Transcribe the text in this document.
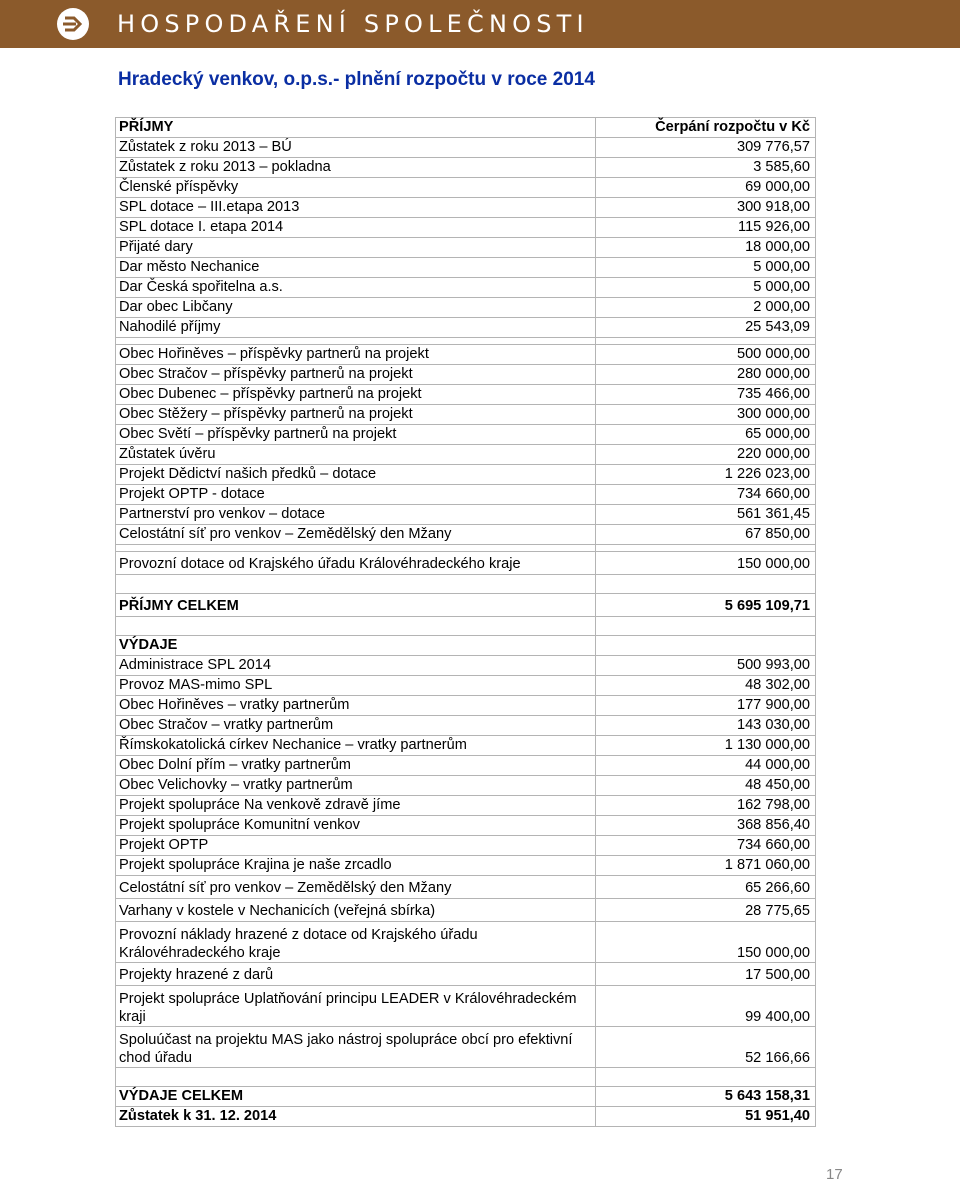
HOSPODAŘENÍ SPOLEČNOSTI
Hradecký venkov, o.p.s.- plnění rozpočtu v roce 2014
PŘÍJMY	Čerpání rozpočtu v Kč
Zůstatek z roku 2013 – BÚ	309 776,57
Zůstatek z roku 2013 – pokladna	3 585,60
Členské příspěvky	69 000,00
SPL dotace – III.etapa 2013	300 918,00
SPL dotace I. etapa 2014	115 926,00
Přijaté dary	18 000,00
Dar město Nechanice	5 000,00
Dar Česká spořitelna a.s.	5 000,00
Dar obec Libčany	2 000,00
Nahodilé příjmy	25 543,09

Obec Hořiněves – příspěvky partnerů na projekt	500 000,00
Obec Stračov – příspěvky partnerů na projekt	280 000,00
Obec Dubenec – příspěvky partnerů na projekt	735 466,00
Obec Stěžery – příspěvky partnerů na projekt	300 000,00
Obec Světí – příspěvky partnerů na projekt	65 000,00
Zůstatek úvěru	220 000,00
Projekt Dědictví našich předků – dotace	1 226 023,00
Projekt OPTP - dotace	734 660,00
Partnerství pro venkov – dotace	561 361,45
Celostátní síť pro venkov – Zemědělský den Mžany	67 850,00

Provozní dotace od Krajského úřadu Královéhradeckého kraje	150 000,00

PŘÍJMY CELKEM	5 695 109,71

VÝDAJE	
Administrace SPL 2014	500 993,00
Provoz MAS-mimo SPL	48 302,00
Obec Hořiněves – vratky partnerům	177 900,00
Obec Stračov – vratky partnerům	143 030,00
Římskokatolická církev Nechanice – vratky partnerům	1 130 000,00
Obec Dolní přím – vratky partnerům	44 000,00
Obec Velichovky – vratky partnerům	48 450,00
Projekt spolupráce Na venkově zdravě jíme	162 798,00
Projekt spolupráce Komunitní venkov	368 856,40
Projekt OPTP	734 660,00
Projekt spolupráce Krajina je naše zrcadlo	1 871 060,00
Celostátní síť pro venkov – Zemědělský den Mžany	65 266,60
Varhany v kostele v Nechanicích (veřejná sbírka)	28 775,65
Provozní náklady hrazené z dotace od Krajského úřadu Královéhradeckého kraje	150 000,00
Projekty hrazené z darů	17 500,00
Projekt spolupráce Uplatňování principu LEADER v Královéhradeckém kraji	99 400,00
Spoluúčast na projektu MAS jako nástroj spolupráce obcí pro efektivní chod úřadu	52 166,66

VÝDAJE CELKEM	5 643 158,31
Zůstatek k 31. 12. 2014	51 951,40
17
